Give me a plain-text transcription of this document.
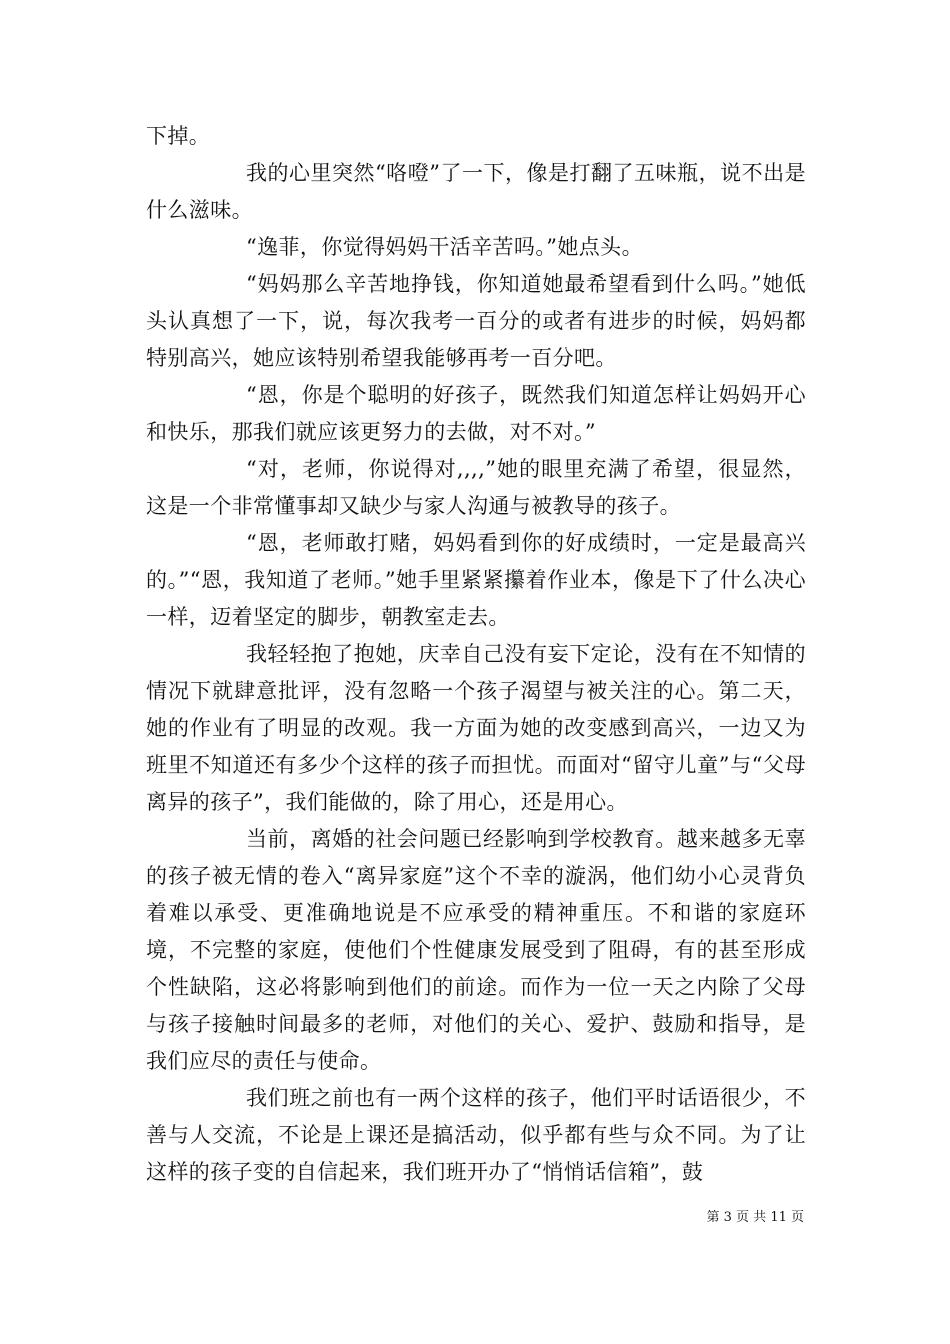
下掉。

我的心里突然“咯噔”了一下，像是打翻了五味瓶，说不出是什么滋味。

“逸菲，你觉得妈妈干活辛苦吗。”她点头。

“妈妈那么辛苦地挣钱，你知道她最希望看到什么吗。”她低头认真想了一下，说，每次我考一百分的或者有进步的时候，妈妈都特别高兴，她应该特别希望我能够再考一百分吧。

“恩，你是个聪明的好孩子，既然我们知道怎样让妈妈开心和快乐，那我们就应该更努力的去做，对不对。”

“对，老师，你说得对,,,,”她的眼里充满了希望，很显然，这是一个非常懂事却又缺少与家人沟通与被教导的孩子。

“恩，老师敢打赌，妈妈看到你的好成绩时，一定是最高兴的。”“恩，我知道了老师。”她手里紧紧攥着作业本，像是下了什么决心一样，迈着坚定的脚步，朝教室走去。

我轻轻抱了抱她，庆幸自己没有妄下定论，没有在不知情的情况下就肆意批评，没有忽略一个孩子渴望与被关注的心。第二天，她的作业有了明显的改观。我一方面为她的改变感到高兴，一边又为班里不知道还有多少个这样的孩子而担忧。而面对“留守儿童”与“父母离异的孩子”，我们能做的，除了用心，还是用心。

当前，离婚的社会问题已经影响到学校教育。越来越多无辜的孩子被无情的卷入“离异家庭”这个不幸的漩涡，他们幼小心灵背负着难以承受、更准确地说是不应承受的精神重压。不和谐的家庭环境，不完整的家庭，使他们个性健康发展受到了阻碍，有的甚至形成个性缺陷，这必将影响到他们的前途。而作为一位一天之内除了父母与孩子接触时间最多的老师，对他们的关心、爱护、鼓励和指导，是我们应尽的责任与使命。

我们班之前也有一两个这样的孩子，他们平时话语很少，不善与人交流，不论是上课还是搞活动，似乎都有些与众不同。为了让这样的孩子变的自信起来，我们班开办了“悄悄话信箱”，鼓

第 3 页 共 11 页
